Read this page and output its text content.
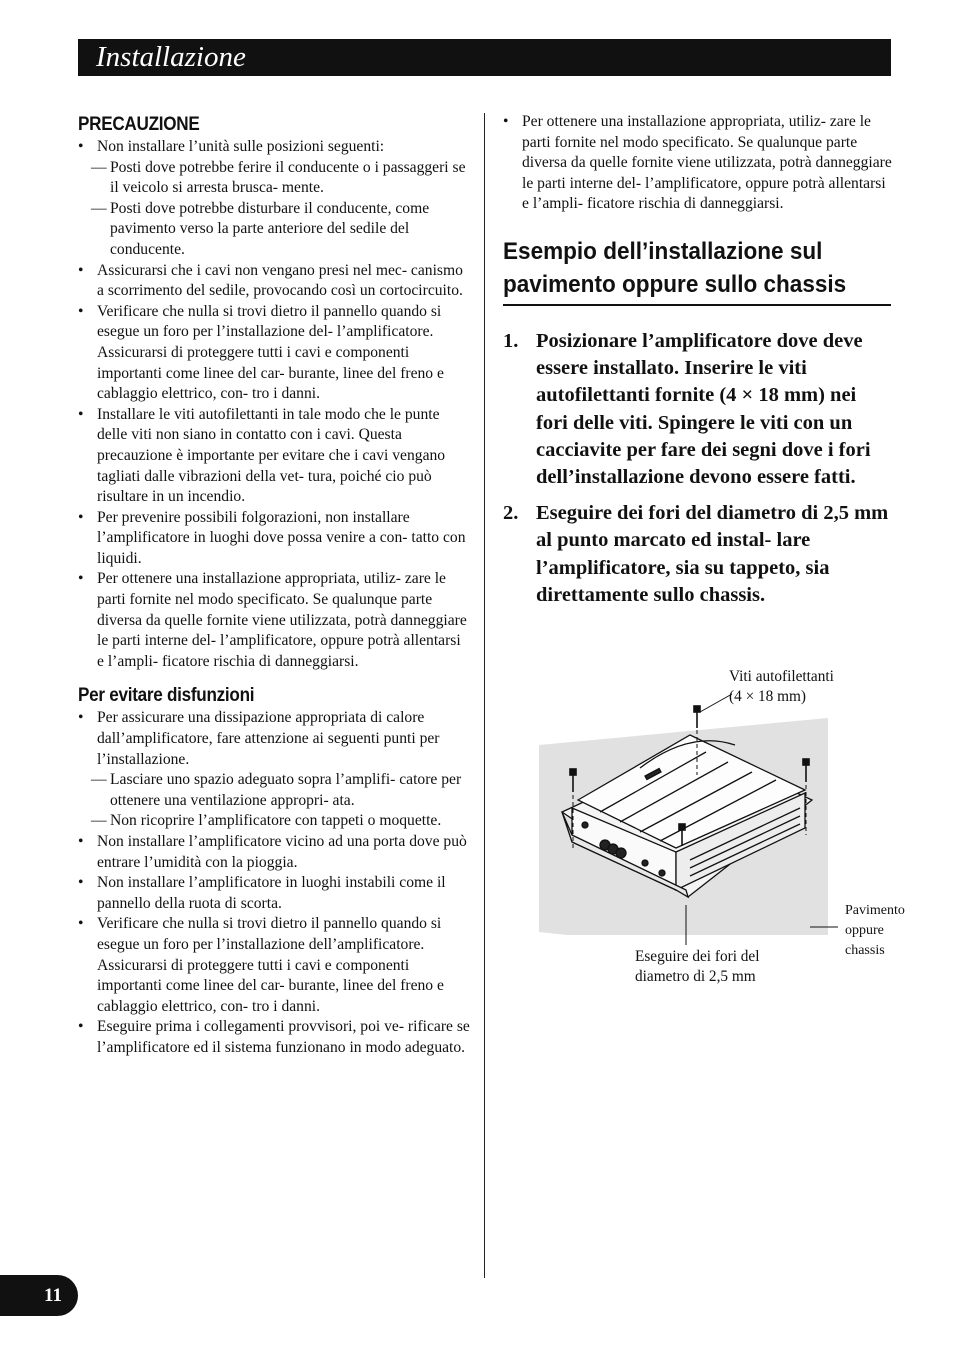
Installazione
PRECAUZIONE
• Non installare l’unità sulle posizioni seguenti:
— Posti dove potrebbe ferire il conducente o i passaggeri se il veicolo si arresta brusca- mente.
— Posti dove potrebbe disturbare il conducente, come pavimento verso la parte anteriore del sedile del conducente.
• Assicurarsi che i cavi non vengano presi nel mec- canismo a scorrimento del sedile, provocando così un cortocircuito.
• Verificare che nulla si trovi dietro il pannello quando si esegue un foro per l’installazione del- l’amplificatore. Assicurarsi di proteggere tutti i cavi e componenti importanti come linee del car- burante, linee del freno e cablaggio elettrico, con- tro i danni.
• Installare le viti autofilettanti in tale modo che le punte delle viti non siano in contatto con i cavi. Questa precauzione è importante per evitare che i cavi vengano tagliati dalle vibrazioni della vet- tura, poiché cio può risultare in un incendio.
• Per prevenire possibili folgorazioni, non installare l’amplificatore in luoghi dove possa venire a con- tatto con liquidi.
• Per ottenere una installazione appropriata, utiliz- zare le parti fornite nel modo specificato. Se qualunque parte diversa da quelle fornite viene utilizzata, potrà danneggiare le parti interne del- l’amplificatore, oppure potrà allentarsi e l’ampli- ficatore rischia di danneggiarsi.
Per evitare disfunzioni
• Per assicurare una dissipazione appropriata di calore dall’amplificatore, fare attenzione ai seguenti punti per l’installazione.
— Lasciare uno spazio adeguato sopra l’amplifi- catore per ottenere una ventilazione appropri- ata.
— Non ricoprire l’amplificatore con tappeti o moquette.
• Non installare l’amplificatore vicino ad una porta dove può entrare l’umidità con la pioggia.
• Non installare l’amplificatore in luoghi instabili come il pannello della ruota di scorta.
• Verificare che nulla si trovi dietro il pannello quando si esegue un foro per l’installazione dell’amplificatore. Assicurarsi di proteggere tutti i cavi e componenti importanti come linee del car- burante, linee del freno e cablaggio elettrico, con- tro i danni.
• Eseguire prima i collegamenti provvisori, poi ve- rificare se l’amplificatore ed il sistema funzionano in modo adeguato.
• Per ottenere una installazione appropriata, utiliz- zare le parti fornite nel modo specificato. Se qualunque parte diversa da quelle fornite viene utilizzata, potrà danneggiare le parti interne del- l’amplificatore, oppure potrà allentarsi e l’ampli- ficatore rischia di danneggiarsi.
Esempio dell’installazione sul
pavimento oppure sullo chassis
1. Posizionare l’amplificatore dove deve essere installato. Inserire le viti autofilettanti fornite (4 × 18 mm) nei fori delle viti. Spingere le viti con un cacciavite per fare dei segni dove i fori dell’installazione devono essere fatti.
2. Eseguire dei fori del diametro di 2,5 mm al punto marcato ed instal- lare l’amplificatore, sia su tappeto, sia direttamente sullo chassis.
Viti autofilettanti
(4 × 18 mm)
Eseguire dei fori del
diametro di 2,5 mm
Pavimento
oppure
chassis
11
